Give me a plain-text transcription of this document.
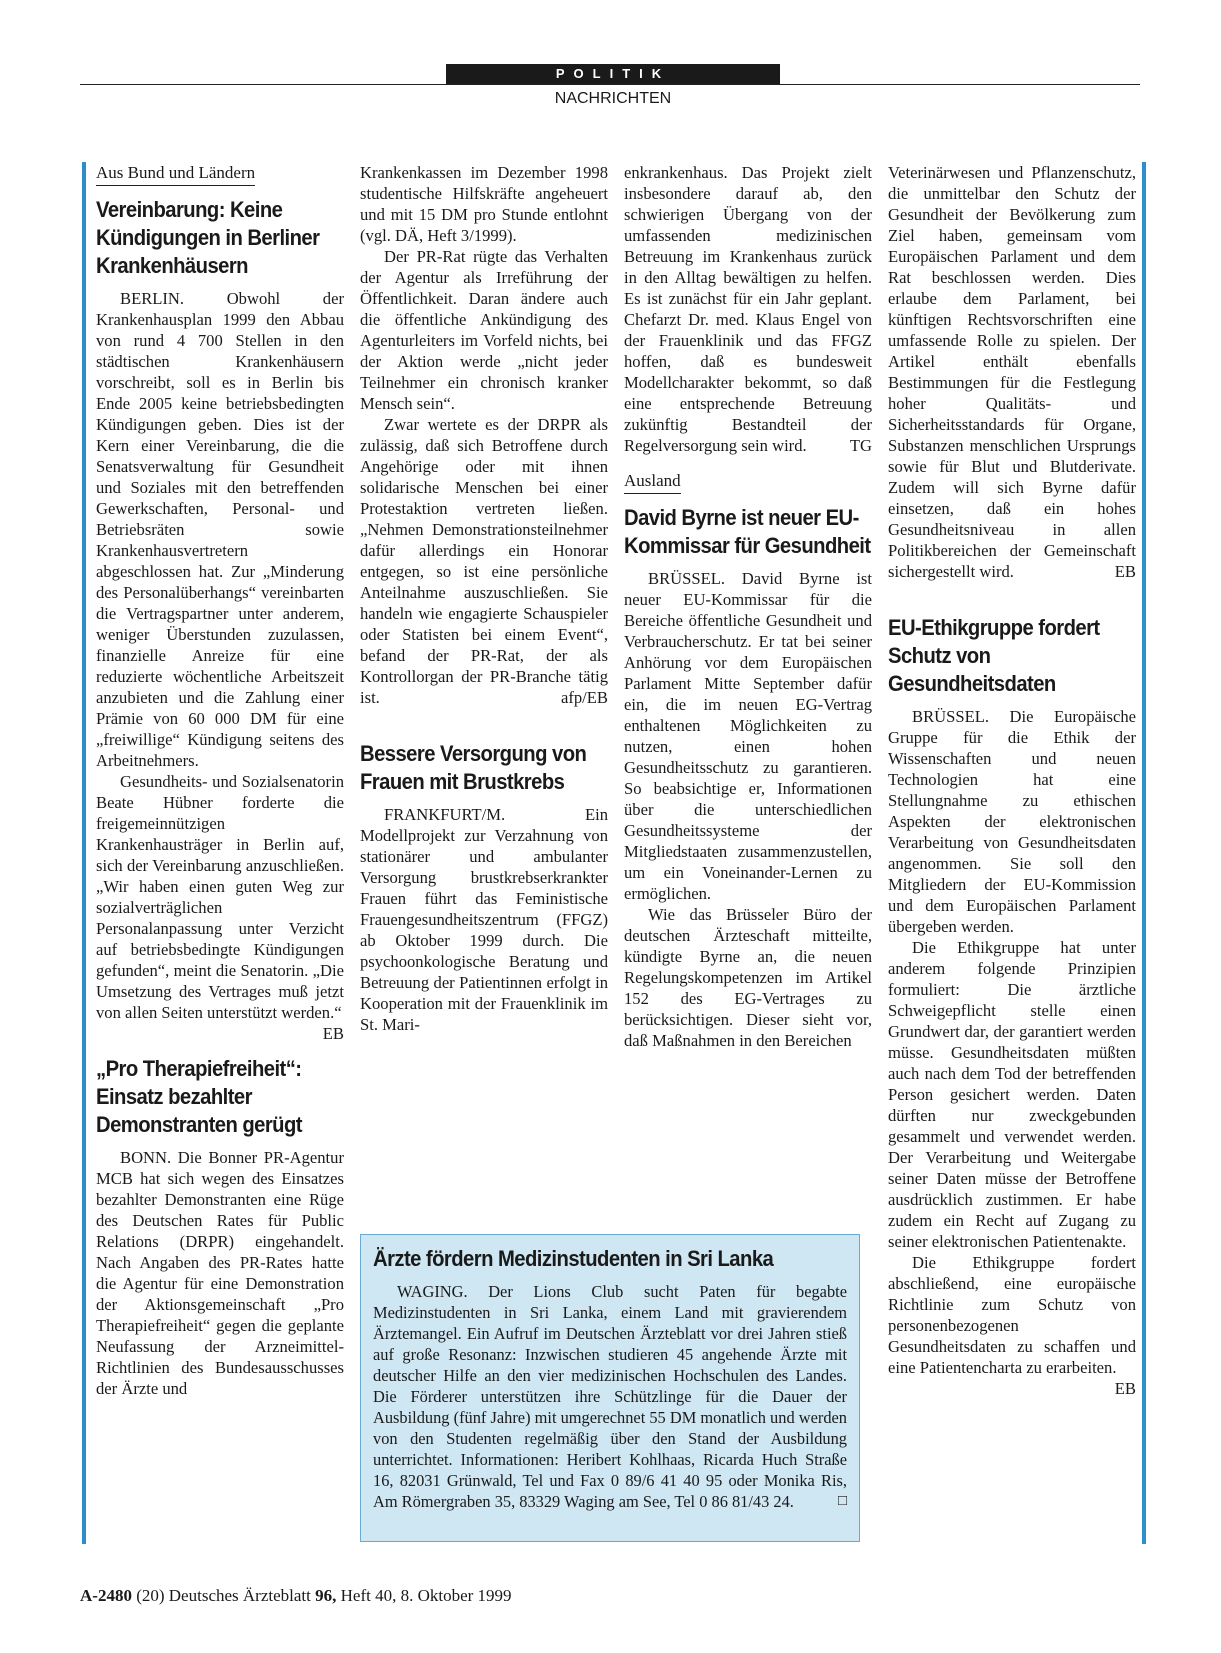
POLITIK
NACHRICHTEN
Aus Bund und Ländern
Vereinbarung: Keine Kündigungen in Berliner Krankenhäusern

BERLIN. Obwohl der Krankenhausplan 1999 den Abbau von rund 4 700 Stellen in den städtischen Krankenhäusern vorschreibt, soll es in Berlin bis Ende 2005 keine betriebsbedingten Kündigungen geben. Dies ist der Kern einer Vereinbarung, die die Senatsverwaltung für Gesundheit und Soziales mit den betreffenden Gewerkschaften, Personal- und Betriebsräten sowie Krankenhausvertretern abgeschlossen hat. Zur „Minderung des Personalüberhangs“ vereinbarten die Vertragspartner unter anderem, weniger Überstunden zuzulassen, finanzielle Anreize für eine reduzierte wöchentliche Arbeitszeit anzubieten und die Zahlung einer Prämie von 60 000 DM für eine „freiwillige“ Kündigung seitens des Arbeitnehmers.

Gesundheits- und Sozialsenatorin Beate Hübner forderte die freigemeinnützigen Krankenhausträger in Berlin auf, sich der Vereinbarung anzuschließen. „Wir haben einen guten Weg zur sozialverträglichen Personalanpassung unter Verzicht auf betriebsbedingte Kündigungen gefunden“, meint die Senatorin. „Die Umsetzung des Vertrages muß jetzt von allen Seiten unterstützt werden.“
EB

„Pro Therapiefreiheit“: Einsatz bezahlter Demonstranten gerügt

BONN. Die Bonner PR-Agentur MCB hat sich wegen des Einsatzes bezahlter Demonstranten eine Rüge des Deutschen Rates für Public Relations (DRPR) eingehandelt. Nach Angaben des PR-Rates hatte die Agentur für eine Demonstration der Aktionsgemeinschaft „Pro Therapiefreiheit“ gegen die geplante Neufassung der Arzneimittel-Richtlinien des Bundesausschusses der Ärzte und

Krankenkassen im Dezember 1998 studentische Hilfskräfte angeheuert und mit 15 DM pro Stunde entlohnt (vgl. DÄ, Heft 3/1999).

Der PR-Rat rügte das Verhalten der Agentur als Irreführung der Öffentlichkeit. Daran ändere auch die öffentliche Ankündigung des Agenturleiters im Vorfeld nichts, bei der Aktion werde „nicht jeder Teilnehmer ein chronisch kranker Mensch sein“.

Zwar wertete es der DRPR als zulässig, daß sich Betroffene durch Angehörige oder mit ihnen solidarische Menschen bei einer Protestaktion vertreten ließen. „Nehmen Demonstrationsteilnehmer dafür allerdings ein Honorar entgegen, so ist eine persönliche Anteilnahme auszuschließen. Sie handeln wie engagierte Schauspieler oder Statisten bei einem Event“, befand der PR-Rat, der als Kontrollorgan der PR-Branche tätig ist.	afp/EB

Bessere Versorgung von Frauen mit Brustkrebs

FRANKFURT/M. Ein Modellprojekt zur Verzahnung von stationärer und ambulanter Versorgung brustkrebserkrankter Frauen führt das Feministische Frauengesundheitszentrum (FFGZ) ab Oktober 1999 durch. Die psychoonkologische Beratung und Betreuung der Patientinnen erfolgt in Kooperation mit der Frauenklinik im St. Mari-

enkrankenhaus. Das Projekt zielt insbesondere darauf ab, den schwierigen Übergang von der umfassenden medizinischen Betreuung im Krankenhaus zurück in den Alltag bewältigen zu helfen. Es ist zunächst für ein Jahr geplant. Chefarzt Dr. med. Klaus Engel von der Frauenklinik und das FFGZ hoffen, daß es bundesweit Modellcharakter bekommt, so daß eine entsprechende Betreuung zukünftig Bestandteil der Regelversorgung sein wird.	TG

Ausland
David Byrne ist neuer EU-Kommissar für Gesundheit

BRÜSSEL. David Byrne ist neuer EU-Kommissar für die Bereiche öffentliche Gesundheit und Verbraucherschutz. Er tat bei seiner Anhörung vor dem Europäischen Parlament Mitte September dafür ein, die im neuen EG-Vertrag enthaltenen Möglichkeiten zu nutzen, einen hohen Gesundheitsschutz zu garantieren. So beabsichtige er, Informationen über die unterschiedlichen Gesundheitssysteme der Mitgliedstaaten zusammenzustellen, um ein Voneinander-Lernen zu ermöglichen.

Wie das Brüsseler Büro der deutschen Ärzteschaft mitteilte, kündigte Byrne an, die neuen Regelungskompetenzen im Artikel 152 des EG-Vertrages zu berücksichtigen. Dieser sieht vor, daß Maßnahmen in den Bereichen

Veterinärwesen und Pflanzenschutz, die unmittelbar den Schutz der Gesundheit der Bevölkerung zum Ziel haben, gemeinsam vom Europäischen Parlament und dem Rat beschlossen werden. Dies erlaube dem Parlament, bei künftigen Rechtsvorschriften eine umfassende Rolle zu spielen. Der Artikel enthält ebenfalls Bestimmungen für die Festlegung hoher Qualitäts- und Sicherheitsstandards für Organe, Substanzen menschlichen Ursprungs sowie für Blut und Blutderivate. Zudem will sich Byrne dafür einsetzen, daß ein hohes Gesundheitsniveau in allen Politikbereichen der Gemeinschaft sichergestellt wird.	EB

EU-Ethikgruppe fordert Schutz von Gesundheitsdaten

BRÜSSEL. Die Europäische Gruppe für die Ethik der Wissenschaften und neuen Technologien hat eine Stellungnahme zu ethischen Aspekten der elektronischen Verarbeitung von Gesundheitsdaten angenommen. Sie soll den Mitgliedern der EU-Kommission und dem Europäischen Parlament übergeben werden.

Die Ethikgruppe hat unter anderem folgende Prinzipien formuliert: Die ärztliche Schweigepflicht stelle einen Grundwert dar, der garantiert werden müsse. Gesundheitsdaten müßten auch nach dem Tod der betreffenden Person gesichert werden. Daten dürften nur zweckgebunden gesammelt und verwendet werden. Der Verarbeitung und Weitergabe seiner Daten müsse der Betroffene ausdrücklich zustimmen. Er habe zudem ein Recht auf Zugang zu seiner elektronischen Patientenakte.

Die Ethikgruppe fordert abschließend, eine europäische Richtlinie zum Schutz von personenbezogenen Gesundheitsdaten zu schaffen und eine Patientencharta zu erarbeiten.
EB

Ärzte fördern Medizinstudenten in Sri Lanka

WAGING. Der Lions Club sucht Paten für begabte Medizinstudenten in Sri Lanka, einem Land mit gravierendem Ärztemangel. Ein Aufruf im Deutschen Ärzteblatt vor drei Jahren stieß auf große Resonanz: Inzwischen studieren 45 angehende Ärzte mit deutscher Hilfe an den vier medizinischen Hochschulen des Landes. Die Förderer unterstützen ihre Schützlinge für die Dauer der Ausbildung (fünf Jahre) mit umgerechnet 55 DM monatlich und werden von den Studenten regelmäßig über den Stand der Ausbildung unterrichtet. Informationen: Heribert Kohlhaas, Ricarda Huch Straße 16, 82031 Grünwald, Tel und Fax 0 89/6 41 40 95 oder Monika Ris, Am Römergraben 35, 83329 Waging am See, Tel 0 86 81/43 24.	□

A-2480 (20) Deutsches Ärzteblatt 96, Heft 40, 8. Oktober 1999
